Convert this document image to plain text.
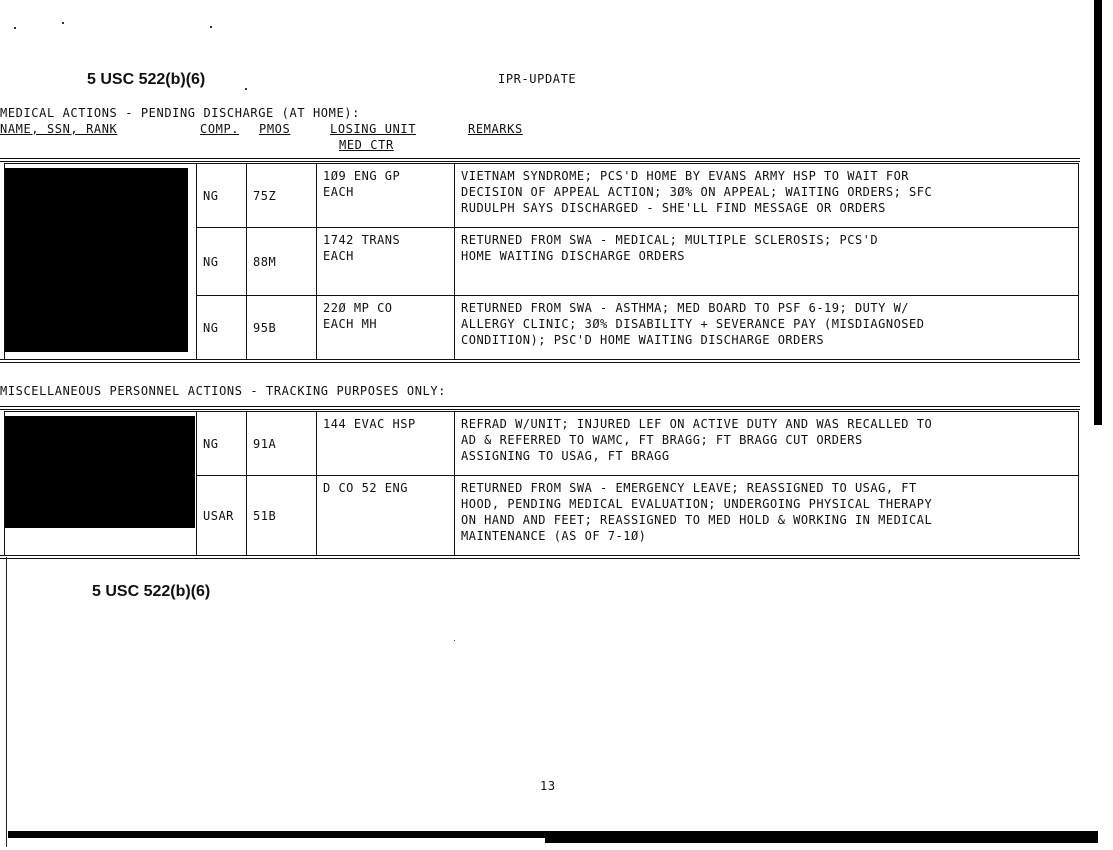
5 USC 522(b)(6)	IPR-UPDATE
MEDICAL ACTIONS - PENDING DISCHARGE (AT HOME):
NAME, SSN, RANK	COMP. PMOS	LOSING UNIT
MED CTR
REMARKS
	NG	75Z	1Ø9 ENG GP
EACH	VIETNAM SYNDROME; PCS'D HOME BY EVANS ARMY HSP TO WAIT FOR
DECISION OF APPEAL ACTION; 3Ø% ON APPEAL; WAITING ORDERS; SFC
RUDULPH SAYS DISCHARGED - SHE'LL FIND MESSAGE OR ORDERS
	NG	88M	1742 TRANS
EACH	RETURNED FROM SWA - MEDICAL; MULTIPLE SCLEROSIS; PCS'D
HOME WAITING DISCHARGE ORDERS
	NG	95B	22Ø MP CO
EACH MH	RETURNED FROM SWA - ASTHMA; MED BOARD TO PSF 6-19; DUTY W/
ALLERGY CLINIC; 3Ø% DISABILITY + SEVERANCE PAY (MISDIAGNOSED
CONDITION); PSC'D HOME WAITING DISCHARGE ORDERS
MISCELLANEOUS PERSONNEL ACTIONS - TRACKING PURPOSES ONLY:
	NG	91A	144 EVAC HSP	REFRAD W/UNIT; INJURED LEF ON ACTIVE DUTY AND WAS RECALLED TO
AD & REFERRED TO WAMC, FT BRAGG; FT BRAGG CUT ORDERS
ASSIGNING TO USAG, FT BRAGG
	USAR	51B	D CO 52 ENG	RETURNED FROM SWA - EMERGENCY LEAVE; REASSIGNED TO USAG, FT
HOOD, PENDING MEDICAL EVALUATION; UNDERGOING PHYSICAL THERAPY
ON HAND AND FEET; REASSIGNED TO MED HOLD & WORKING IN MEDICAL
MAINTENANCE (AS OF 7-1Ø)
5 USC 522(b)(6)
13
